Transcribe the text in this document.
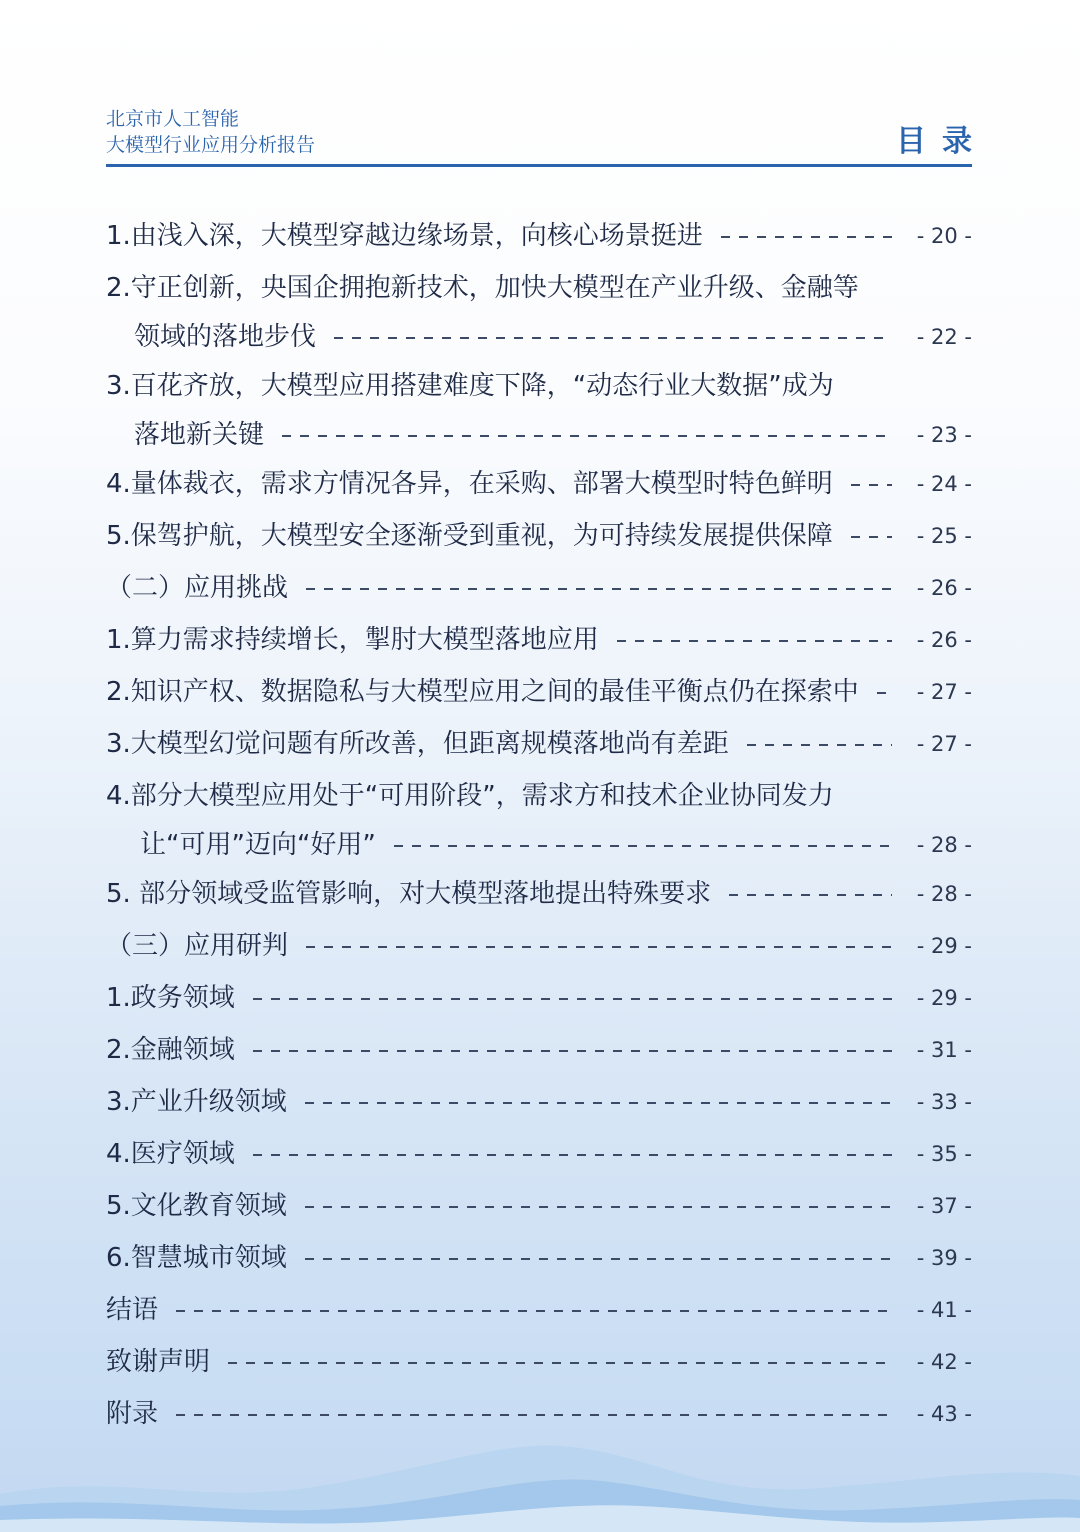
北京市人工智能
大模型行业应用分析报告	目录
1.由浅入深，大模型穿越边缘场景，向核心场景挺进	- 20 -
2.守正创新，央国企拥抱新技术，加快大模型在产业升级、金融等
领域的落地步伐	- 22 -
3.百花齐放，大模型应用搭建难度下降，“动态行业大数据”成为
落地新关键	- 23 -
4.量体裁衣，需求方情况各异，在采购、部署大模型时特色鲜明	- 24 -
5.保驾护航，大模型安全逐渐受到重视，为可持续发展提供保障	- 25 -
（二）应用挑战	- 26 -
1.算力需求持续增长，掣肘大模型落地应用	- 26 -
2.知识产权、数据隐私与大模型应用之间的最佳平衡点仍在探索中	- 27 -
3.大模型幻觉问题有所改善，但距离规模落地尚有差距	- 27 -
4.部分大模型应用处于“可用阶段”，需求方和技术企业协同发力
让“可用”迈向“好用”	- 28 -
5. 部分领域受监管影响，对大模型落地提出特殊要求	- 28 -
（三）应用研判	- 29 -
1.政务领域	- 29 -
2.金融领域	- 31 -
3.产业升级领域	- 33 -
4.医疗领域	- 35 -
5.文化教育领域	- 37 -
6.智慧城市领域	- 39 -
结语	- 41 -
致谢声明	- 42 -
附录	- 43 -
